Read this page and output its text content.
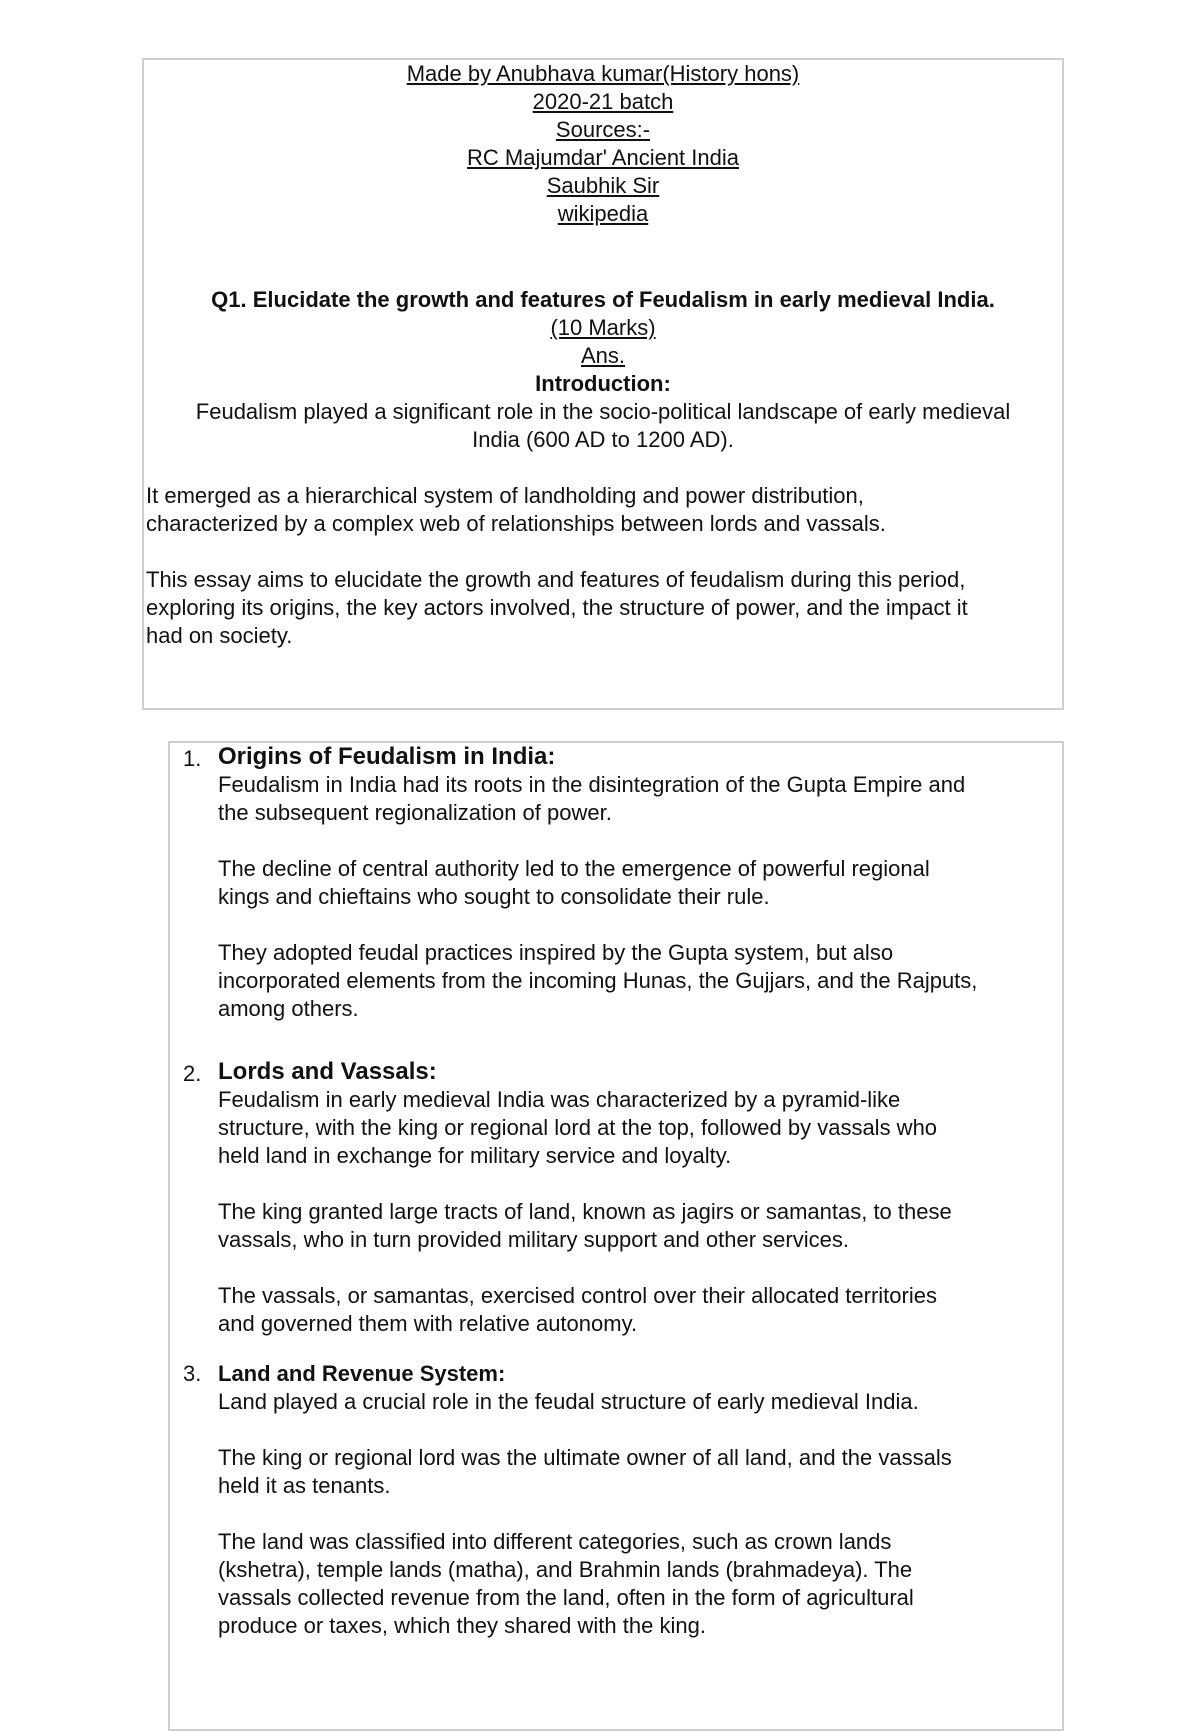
Made by Anubhava kumar(History hons)
2020-21 batch
Sources:-
RC Majumdar' Ancient India
Saubhik Sir
wikipedia
Q1. Elucidate the growth and features of Feudalism in early medieval India.
(10 Marks)
Ans.
Introduction:
Feudalism played a significant role in the socio-political landscape of early medieval
India (600 AD to 1200 AD).
It emerged as a hierarchical system of landholding and power distribution,
characterized by a complex web of relationships between lords and vassals.
This essay aims to elucidate the growth and features of feudalism during this period,
exploring its origins, the key actors involved, the structure of power, and the impact it
had on society.
1. Origins of Feudalism in India:
Feudalism in India had its roots in the disintegration of the Gupta Empire and
the subsequent regionalization of power.
The decline of central authority led to the emergence of powerful regional
kings and chieftains who sought to consolidate their rule.
They adopted feudal practices inspired by the Gupta system, but also
incorporated elements from the incoming Hunas, the Gujjars, and the Rajputs,
among others.
2. Lords and Vassals:
Feudalism in early medieval India was characterized by a pyramid-like
structure, with the king or regional lord at the top, followed by vassals who
held land in exchange for military service and loyalty.
The king granted large tracts of land, known as jagirs or samantas, to these
vassals, who in turn provided military support and other services.
The vassals, or samantas, exercised control over their allocated territories
and governed them with relative autonomy.
3. Land and Revenue System:
Land played a crucial role in the feudal structure of early medieval India.
The king or regional lord was the ultimate owner of all land, and the vassals
held it as tenants.
The land was classified into different categories, such as crown lands
(kshetra), temple lands (matha), and Brahmin lands (brahmadeya). The
vassals collected revenue from the land, often in the form of agricultural
produce or taxes, which they shared with the king.
